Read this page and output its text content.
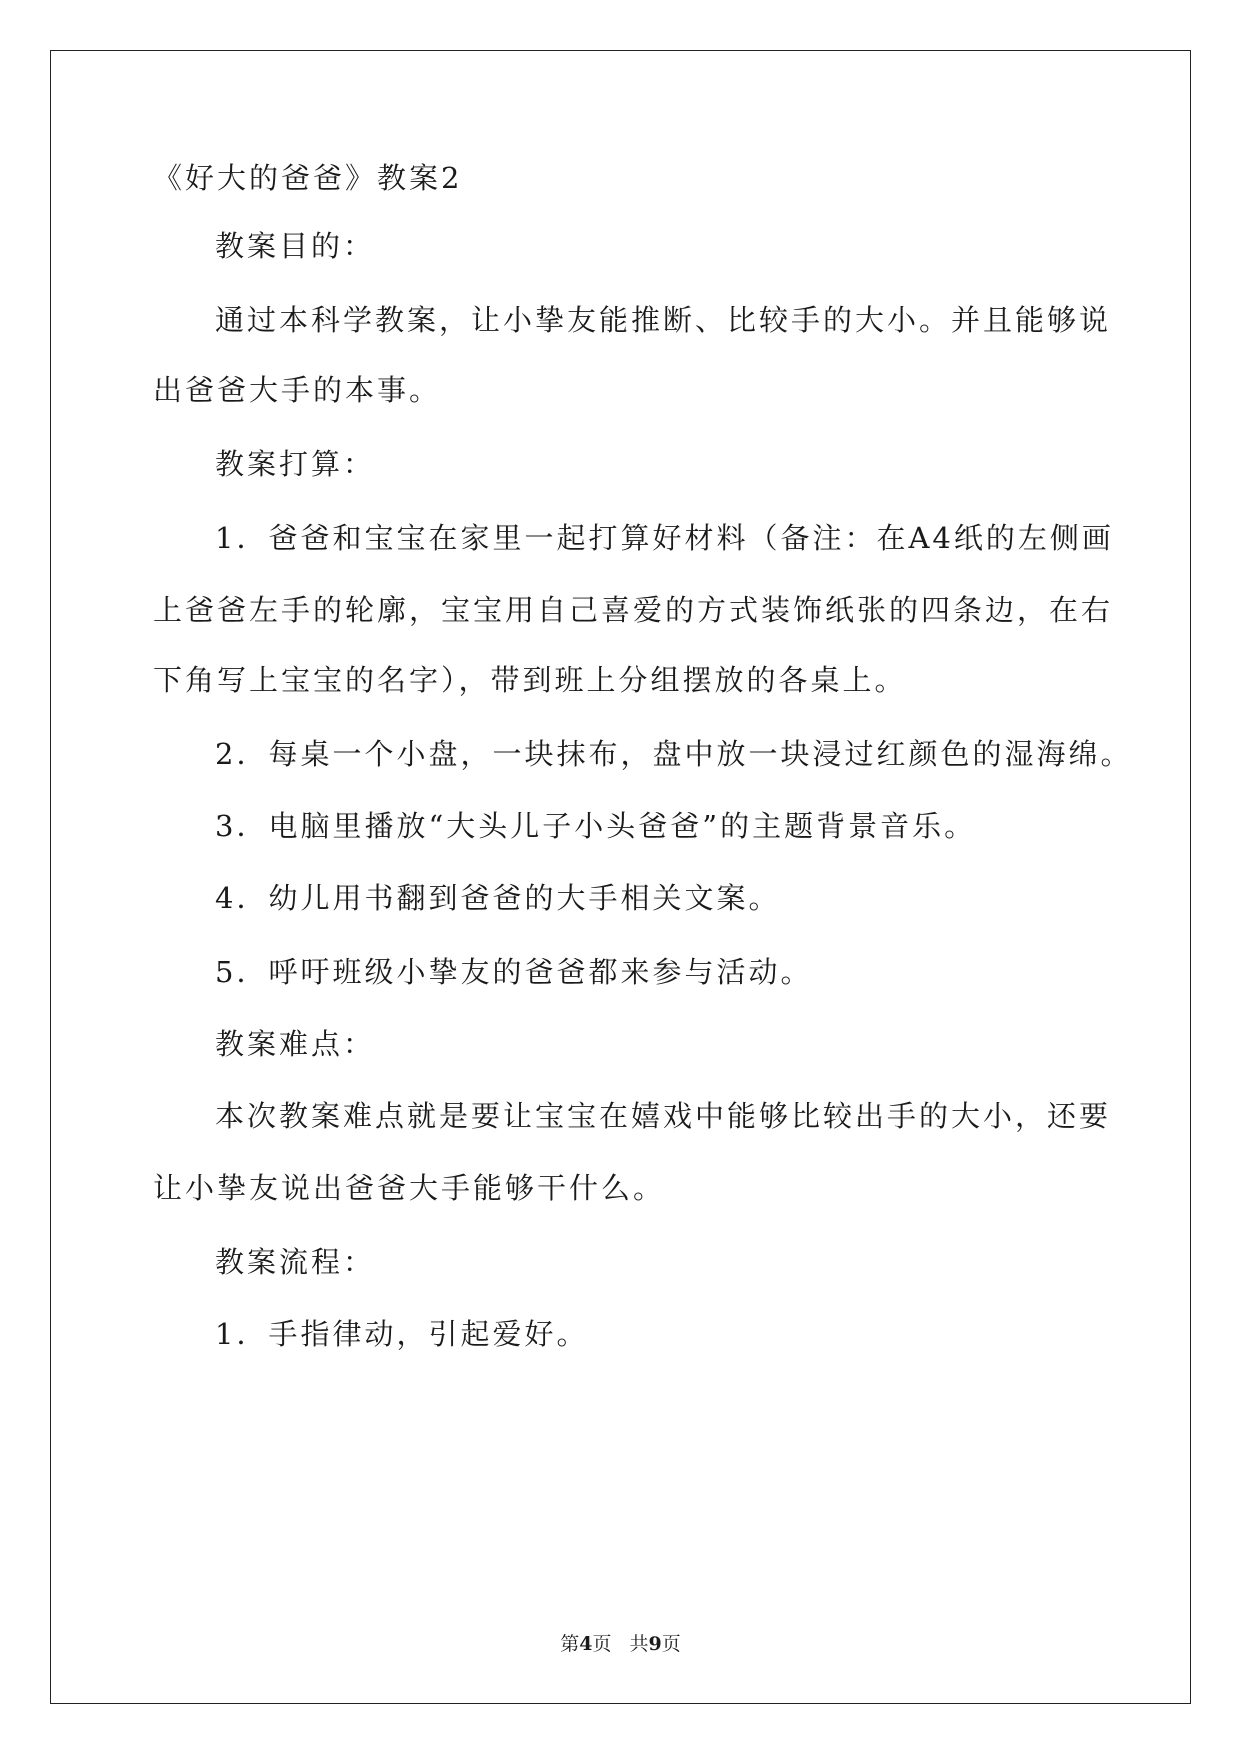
《好大的爸爸》教案2
教案目的：
通过本科学教案，让小挚友能推断、比较手的大小。并且能够说
出爸爸大手的本事。
教案打算：
1．爸爸和宝宝在家里一起打算好材料（备注：在A4纸的左侧画
上爸爸左手的轮廓，宝宝用自己喜爱的方式装饰纸张的四条边，在右
下角写上宝宝的名字），带到班上分组摆放的各桌上。
2．每桌一个小盘，一块抹布，盘中放一块浸过红颜色的湿海绵。
3．电脑里播放“大头儿子小头爸爸”的主题背景音乐。
4．幼儿用书翻到爸爸的大手相关文案。
5．呼吁班级小挚友的爸爸都来参与活动。
教案难点：
本次教案难点就是要让宝宝在嬉戏中能够比较出手的大小，还要
让小挚友说出爸爸大手能够干什么。
教案流程：
1．手指律动，引起爱好。
第4页 共9页
